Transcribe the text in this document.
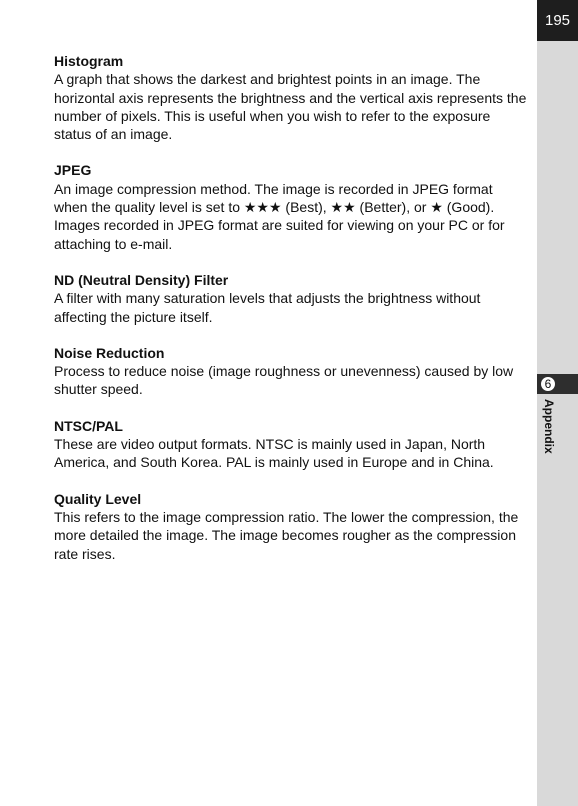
195
6
Appendix

Histogram

A graph that shows the darkest and brightest points in an image. The horizontal axis represents the brightness and the vertical axis represents the number of pixels. This is useful when you wish to refer to the exposure status of an image.

JPEG

An image compression method. The image is recorded in JPEG format when the quality level is set to ★★★ (Best), ★★ (Better), or ★ (Good). Images recorded in JPEG format are suited for viewing on your PC or for attaching to e-mail.

ND (Neutral Density) Filter

A filter with many saturation levels that adjusts the brightness without affecting the picture itself.

Noise Reduction

Process to reduce noise (image roughness or unevenness) caused by low shutter speed.

NTSC/PAL

These are video output formats. NTSC is mainly used in Japan, North America, and South Korea. PAL is mainly used in Europe and in China.

Quality Level

This refers to the image compression ratio. The lower the compression, the more detailed the image. The image becomes rougher as the compression rate rises.
